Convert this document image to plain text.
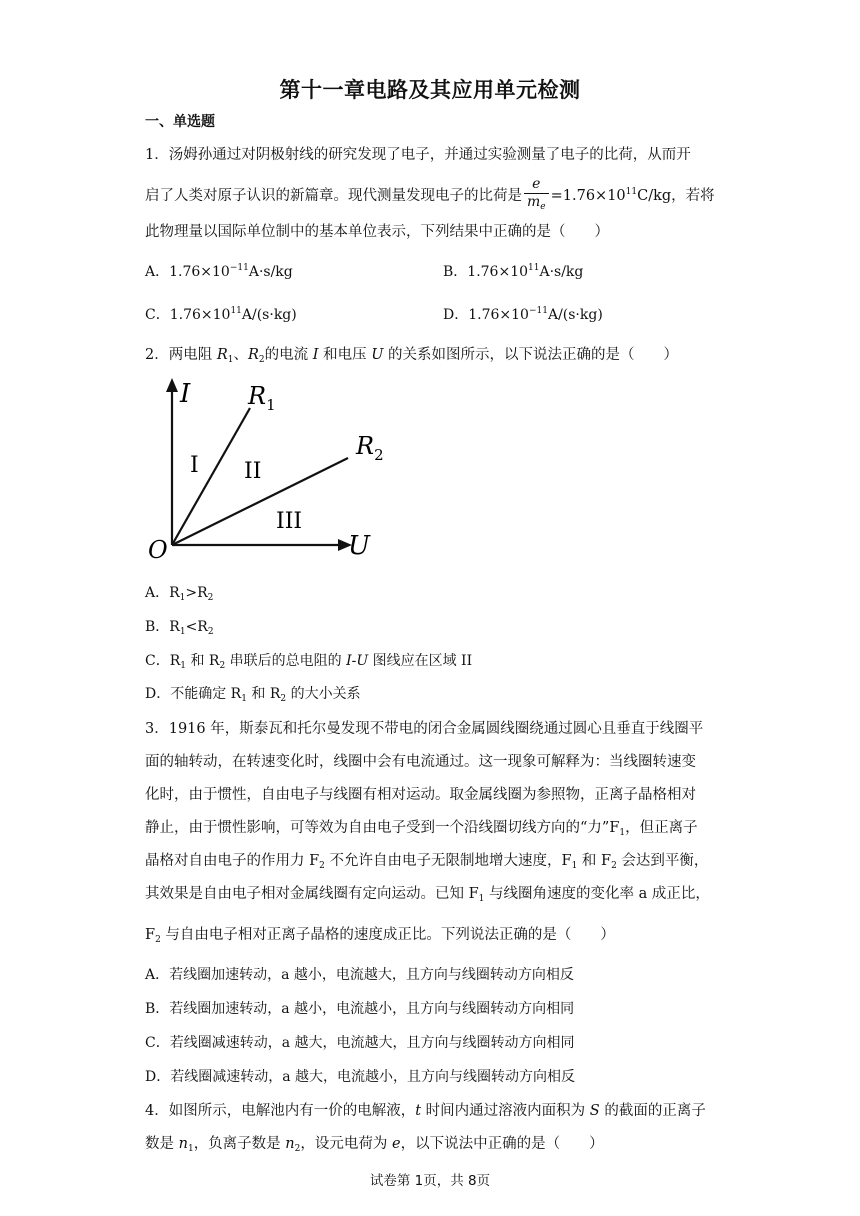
第十一章电路及其应用单元检测
一、单选题
1．汤姆孙通过对阴极射线的研究发现了电子，并通过实验测量了电子的比荷，从而开
启了人类对原子认识的新篇章。现代测量发现电子的比荷是 $\frac{e}{m_e} =1.76\times 10^{11}C/kg$，若将
此物理量以国际单位制中的基本单位表示，下列结果中正确的是（　　）
A．$1.76\times 10^{-11}A\cdot s/kg$	B．$1.76\times 10^{11}A\cdot s/kg$
C．$1.76\times 10^{11}A/(s\cdot kg)$	D．$1.76\times 10^{-11}A/(s\cdot kg)$
2．两电阻 $R_1$、$R_2$的电流 I 和电压 U 的关系如图所示，以下说法正确的是（　　）
I
U
O
$R_1$
$R_2$
I II
III
A．$R_1>R_2$
B．$R_1<R_2$
C．$R_1$ 和 $R_2$ 串联后的总电阻的 I-U 图线应在区域 II
D．不能确定 $R_1$ 和 $R_2$ 的大小关系
3．1916 年，斯泰瓦和托尔曼发现不带电的闭合金属圆线圈绕通过圆心且垂直于线圈平
面的轴转动，在转速变化时，线圈中会有电流通过。这一现象可解释为：当线圈转速变
化时，由于惯性，自由电子与线圈有相对运动。取金属线圈为参照物，正离子晶格相对
静止，由于惯性影响，可等效为自由电子受到一个沿线圈切线方向的“力$”F_1$，但正离子
晶格对自由电子的作用力 $F_2$ 不允许自由电子无限制地增大速度，$F_1$ 和 $F_2$ 会达到平衡，
其效果是自由电子相对金属线圈有定向运动。已知 $F_1$ 与线圈角速度的变化率 a 成正比，
$F_2$ 与自由电子相对正离子晶格的速度成正比。下列说法正确的是（　　）
A．若线圈加速转动，a 越小，电流越大，且方向与线圈转动方向相反
B．若线圈加速转动，a 越小，电流越小，且方向与线圈转动方向相同
C．若线圈减速转动，a 越大，电流越大，且方向与线圈转动方向相同
D．若线圈减速转动，a 越大，电流越小，且方向与线圈转动方向相反
4．如图所示，电解池内有一价的电解液，t 时间内通过溶液内面积为 S 的截面的正离子
数是 $n_1$，负离子数是 $n_2$，设元电荷为 e，以下说法中正确的是（　　）
试卷第 1页，共 8页
